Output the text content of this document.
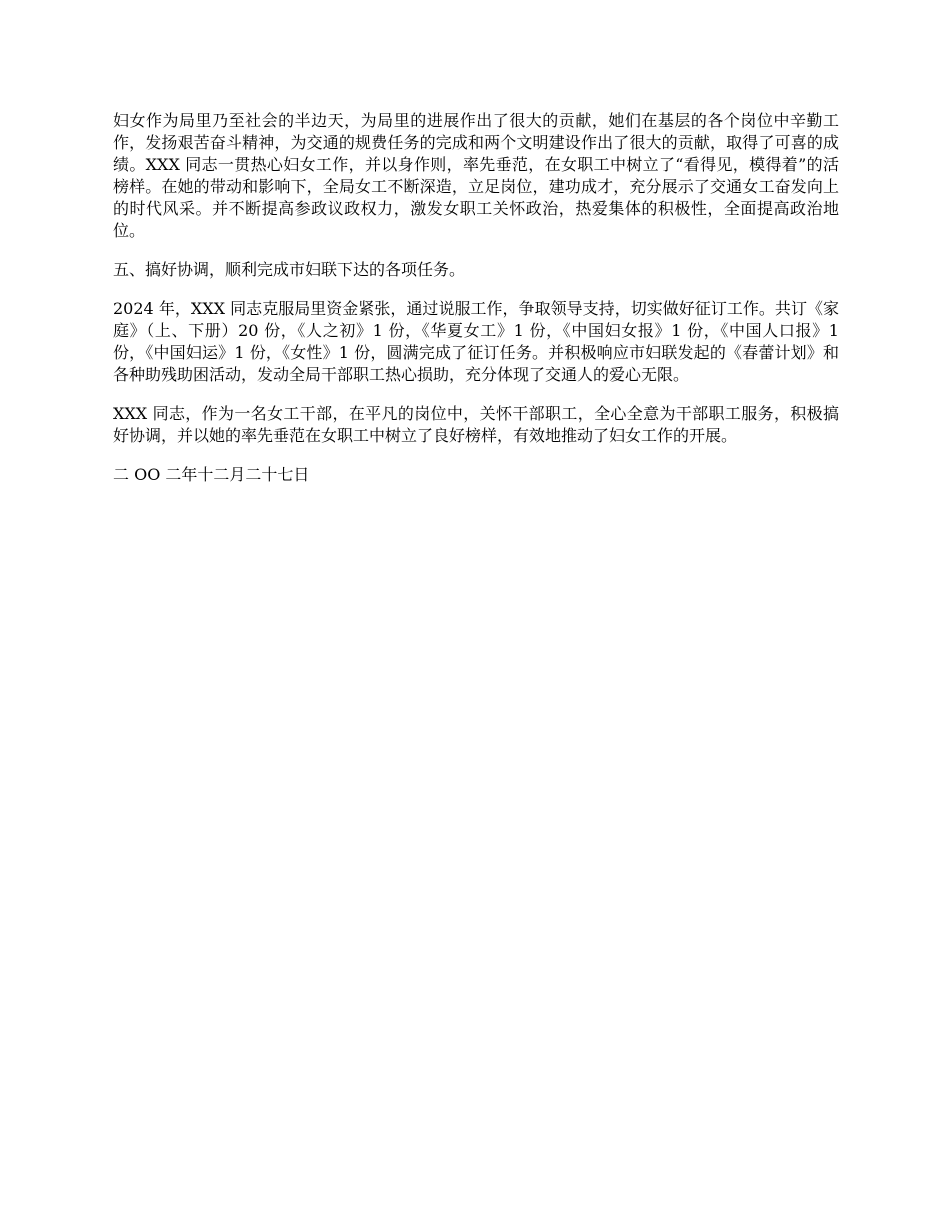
妇女作为局里乃至社会的半边天，为局里的进展作出了很大的贡献，她们在基层的各个岗位中辛勤工作，发扬艰苦奋斗精神，为交通的规费任务的完成和两个文明建设作出了很大的贡献，取得了可喜的成绩。XXX 同志一贯热心妇女工作，并以身作则，率先垂范，在女职工中树立了“看得见，模得着”的活榜样。在她的带动和影响下，全局女工不断深造，立足岗位，建功成才，充分展示了交通女工奋发向上的时代风采。并不断提高参政议政权力，激发女职工关怀政治，热爱集体的积极性，全面提高政治地位。

五、搞好协调，顺利完成市妇联下达的各项任务。

2024 年，XXX 同志克服局里资金紧张，通过说服工作，争取领导支持，切实做好征订工作。共订《家庭》（上、下册）20 份，《人之初》1 份，《华夏女工》1 份，《中国妇女报》1 份，《中国人口报》1 份，《中国妇运》1 份，《女性》1 份，圆满完成了征订任务。并积极响应市妇联发起的《春蕾计划》和各种助残助困活动，发动全局干部职工热心损助，充分体现了交通人的爱心无限。

XXX 同志，作为一名女工干部，在平凡的岗位中，关怀干部职工，全心全意为干部职工服务，积极搞好协调，并以她的率先垂范在女职工中树立了良好榜样，有效地推动了妇女工作的开展。

二 OO 二年十二月二十七日
